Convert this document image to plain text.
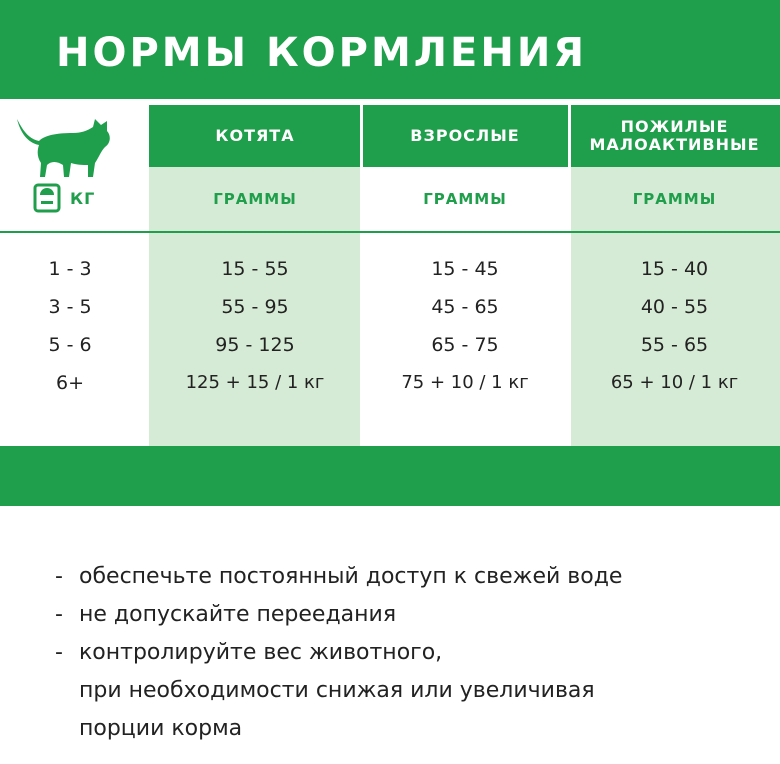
НОРМЫ КОРМЛЕНИЯ
КГ
1 - 3
3 - 5
5 - 6
6+
КОТЯТА
ГРАММЫ
15 - 55
55 - 95
95 - 125
125 + 15 / 1 кг
ВЗРОСЛЫЕ
ГРАММЫ
15 - 45
45 - 65
65 - 75
75 + 10 / 1 кг
ПОЖИЛЫЕ
МАЛОАКТИВНЫЕ
ГРАММЫ
15 - 40
40 - 55
55 - 65
65 + 10 / 1 кг
- обеспечьте постоянный доступ к свежей воде
- не допускайте переедания
- контролируйте вес животного,
при необходимости снижая или увеличивая
порции корма
